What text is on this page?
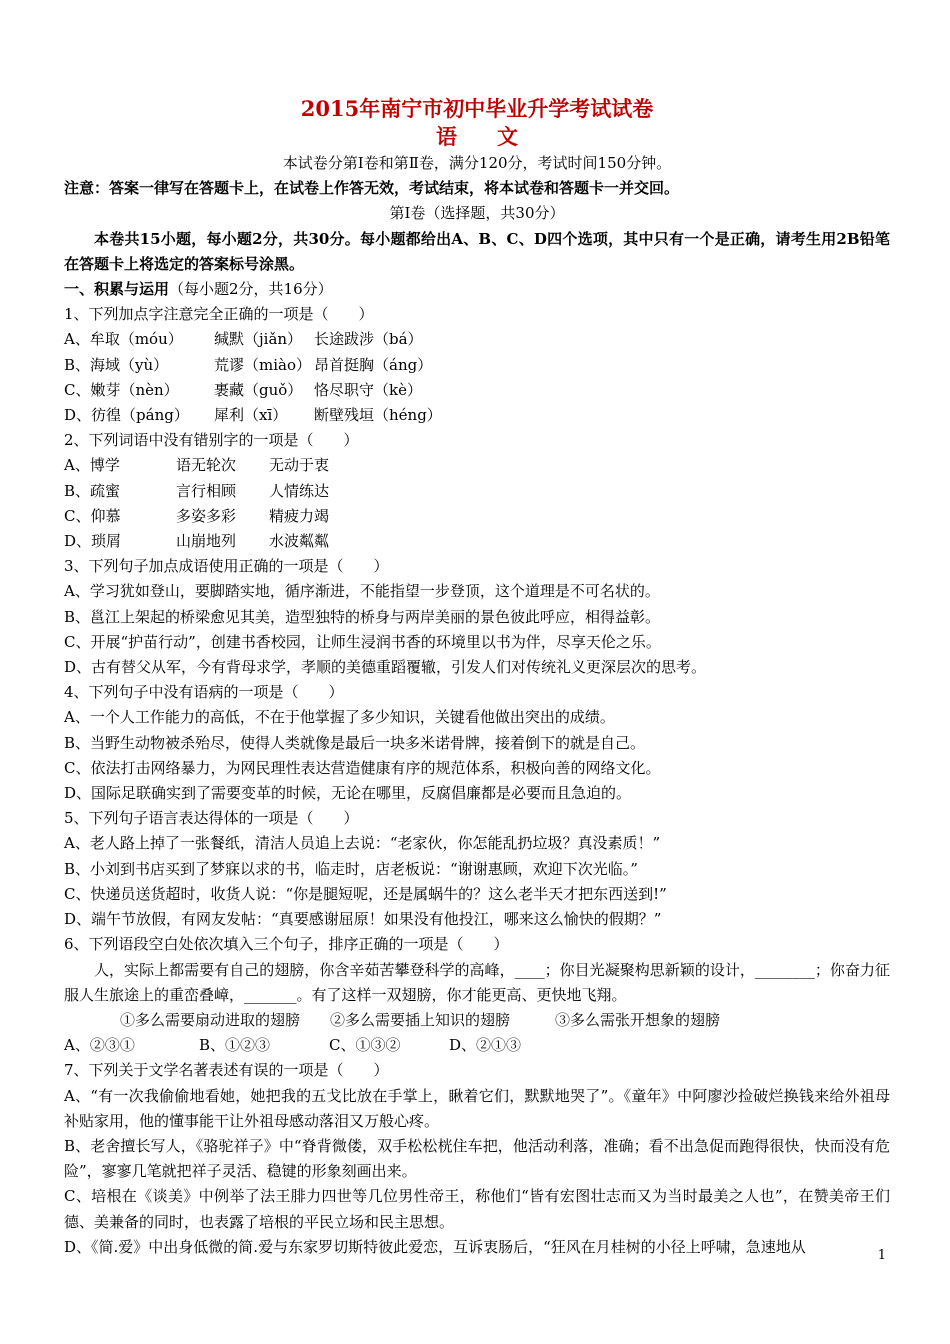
2015年南宁市初中毕业升学考试试卷
语文
本试卷分第Ⅰ卷和第Ⅱ卷，满分120分，考试时间150分钟。
注意：答案一律写在答题卡上，在试卷上作答无效，考试结束，将本试卷和答题卡一并交回。
第Ⅰ卷（选择题，共30分）
本卷共15小题，每小题2分，共30分。每小题都给出A、B、C、D四个选项，其中只有一个是正确，请考生用2B铅笔在答题卡上将选定的答案标号涂黑。
一、积累与运用（每小题2分，共16分）
1、下列加点字注意完全正确的一项是（　　）
A、牟取（móu） 缄默（jiǎn） 长途跋涉（bá）
B、海域（yù）	荒谬（miào） 昂首挺胸（áng）
C、嫩芽（nèn） 裹藏（guǒ） 恪尽职守（kè）
D、彷徨（páng） 犀利（xī） 断壁残垣（héng）
2、下列词语中没有错别字的一项是（　　）
A、博学	语无轮次 无动于衷
B、疏蜜	言行相顾 人情练达
C、仰慕	多姿多彩 精疲力竭
D、琐屑	山崩地列 水波粼粼
3、下列句子加点成语使用正确的一项是（　　）
A、学习犹如登山，要脚踏实地，循序渐进，不能指望一步登顶，这个道理是不可名状的。
B、邕江上架起的桥梁愈见其美，造型独特的桥身与两岸美丽的景色彼此呼应，相得益彰。
C、开展“护苗行动”，创建书香校园，让师生浸润书香的环境里以书为伴，尽享天伦之乐。
D、古有替父从军，今有背母求学，孝顺的美德重蹈覆辙，引发人们对传统礼义更深层次的思考。
4、下列句子中没有语病的一项是（　　）
A、一个人工作能力的高低，不在于他掌握了多少知识，关键看他做出突出的成绩。
B、当野生动物被杀殆尽，使得人类就像是最后一块多米诺骨牌，接着倒下的就是自己。
C、依法打击网络暴力，为网民理性表达营造健康有序的规范体系，积极向善的网络文化。
D、国际足联确实到了需要变革的时候，无论在哪里，反腐倡廉都是必要而且急迫的。
5、下列句子语言表达得体的一项是（　　）
A、老人路上掉了一张餐纸，清洁人员追上去说：“老家伙，你怎能乱扔垃圾？真没素质！”
B、小刘到书店买到了梦寐以求的书，临走时，店老板说：“谢谢惠顾，欢迎下次光临。”
C、快递员送货超时，收货人说：“你是腿短呢，还是属蜗牛的？这么老半天才把东西送到!”
D、端午节放假，有网友发帖：“真要感谢屈原！如果没有他投江，哪来这么愉快的假期？”
6、下列语段空白处依次填入三个句子，排序正确的一项是（　　）
人，实际上都需要有自己的翅膀，你含辛茹苦攀登科学的高峰，____；你目光凝聚构思新颖的设计，________；你奋力征服人生旅途上的重峦叠嶂，_______。有了这样一双翅膀，你才能更高、更快地飞翔。
①多么需要扇动进取的翅膀　　②多么需要插上知识的翅膀　　　③多么需张开想象的翅膀
A、②③①	B、①②③	C、①③②	D、②①③
7、下列关于文学名著表述有误的一项是（　　）
A、“有一次我偷偷地看她，她把我的五戈比放在手掌上，瞅着它们，默默地哭了”。《童年》中阿廖沙捡破烂换钱来给外祖母补贴家用，他的懂事能干让外祖母感动落泪又万般心疼。
B、老舍擅长写人，《骆驼祥子》中“脊背微偻，双手松松桄住车把，他活动利落，准确；看不出急促而跑得很快，快而没有危险”，寥寥几笔就把祥子灵活、稳键的形象刻画出来。
C、培根在《谈美》中例举了法王腓力四世等几位男性帝王，称他们“皆有宏图壮志而又为当时最美之人也”，在赞美帝王们德、美兼备的同时，也表露了培根的平民立场和民主思想。
D、《简.爱》中出身低微的简.爱与东家罗切斯特彼此爱恋，互诉衷肠后，“狂风在月桂树的小径上呼啸，急速地从	1
